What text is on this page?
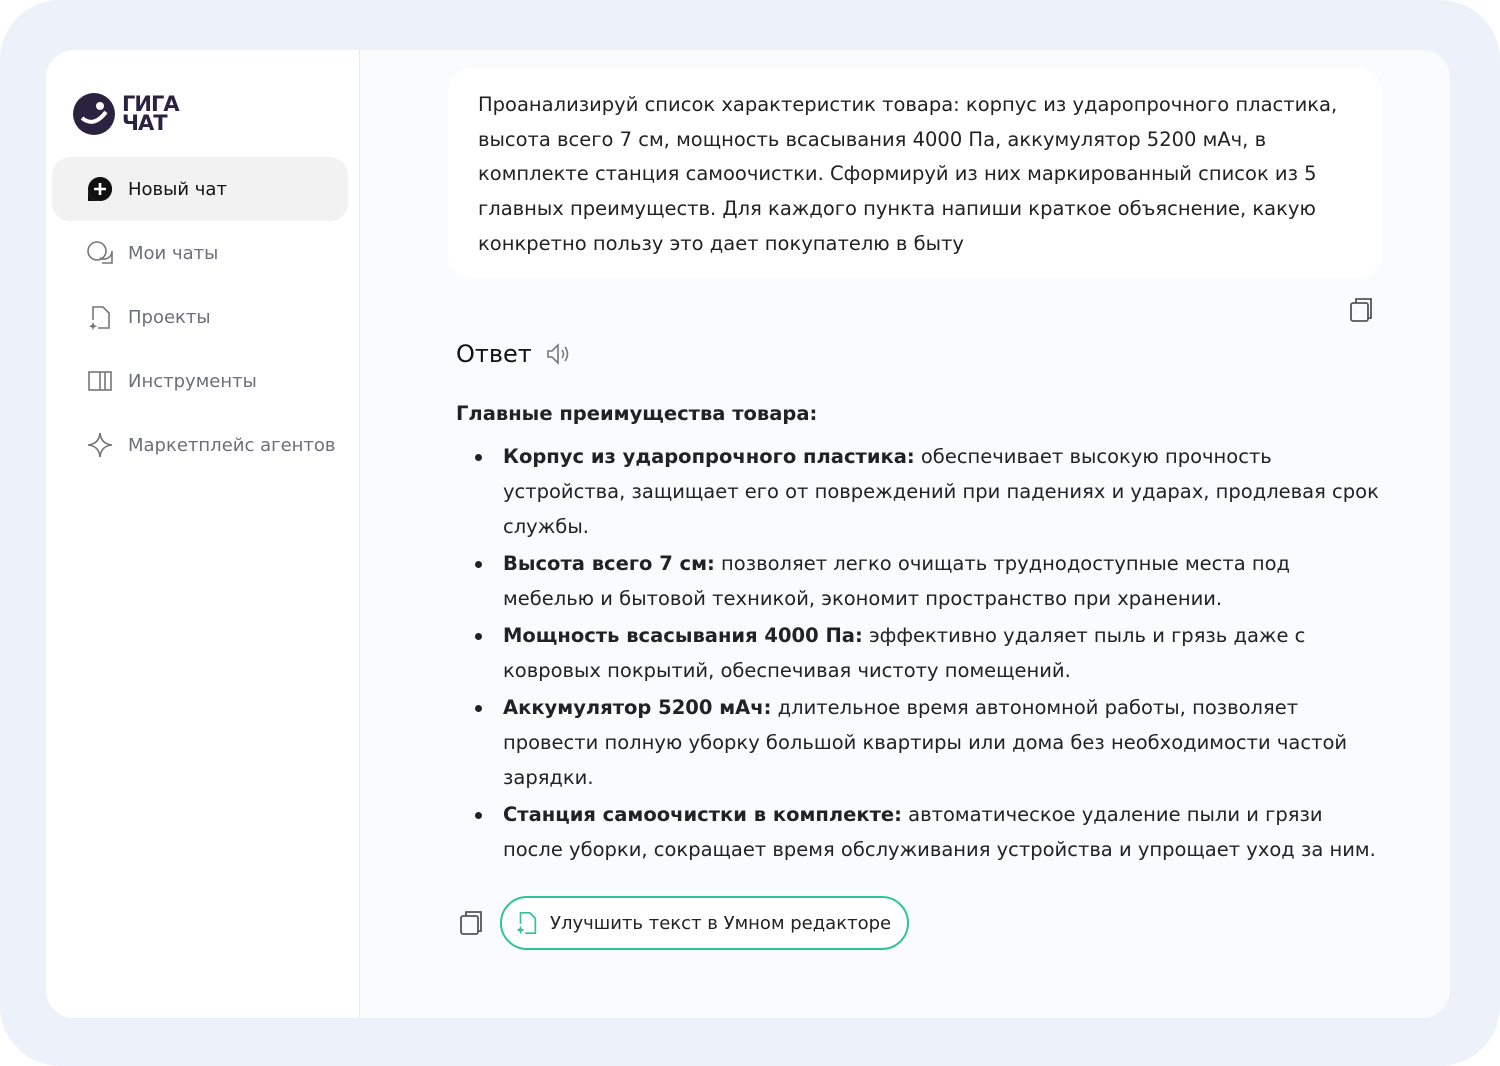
ГИГА
ЧАТ
Новый чат
Мои чаты
Проекты
Инструменты
Маркетплейс агентов
Проанализируй список характеристик товара: корпус из ударопрочного пластика, высота всего 7 см, мощность всасывания 4000 Па, аккумулятор 5200 мАч, в комплекте станция самоочистки. Сформируй из них маркированный список из 5 главных преимуществ. Для каждого пункта напиши краткое объяснение, какую конкретно пользу это дает покупателю в быту
Ответ
Главные преимущества товара:
Корпус из ударопрочного пластика: обеспечивает высокую прочность устройства, защищает его от повреждений при падениях и ударах, продлевая срок службы.
Высота всего 7 см: позволяет легко очищать труднодоступные места под мебелью и бытовой техникой, экономит пространство при хранении.
Мощность всасывания 4000 Па: эффективно удаляет пыль и грязь даже с ковровых покрытий, обеспечивая чистоту помещений.
Аккумулятор 5200 мАч: длительное время автономной работы, позволяет провести полную уборку большой квартиры или дома без необходимости частой зарядки.
Станция самоочистки в комплекте: автоматическое удаление пыли и грязи после уборки, сокращает время обслуживания устройства и упрощает уход за ним.
Улучшить текст в Умном редакторе
